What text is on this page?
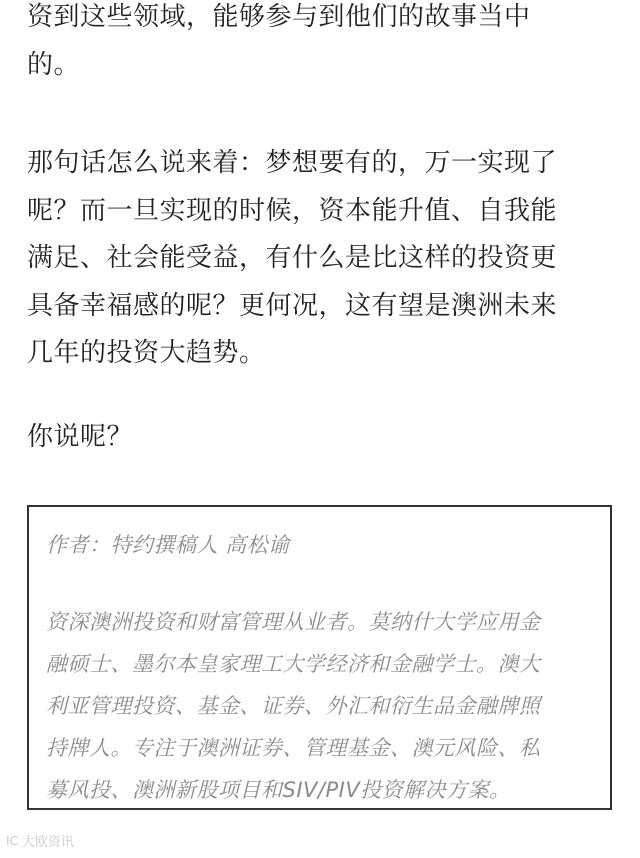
资到这些领域，能够参与到他们的故事当中
的。

那句话怎么说来着：梦想要有的，万一实现了
呢？而一旦实现的时候，资本能升值、自我能
满足、社会能受益，有什么是比这样的投资更
具备幸福感的呢？更何况，这有望是澳洲未来
几年的投资大趋势。

你说呢？

作者：特约撰稿人 高松谕

资深澳洲投资和财富管理从业者。莫纳什大学应用金
融硕士、墨尔本皇家理工大学经济和金融学士。澳大
利亚管理投资、基金、证券、外汇和衍生品金融牌照
持牌人。专注于澳洲证券、管理基金、澳元风险、私
募风投、澳洲新股项目和SIV/PIV投资解决方案。

IC 大欧资讯
